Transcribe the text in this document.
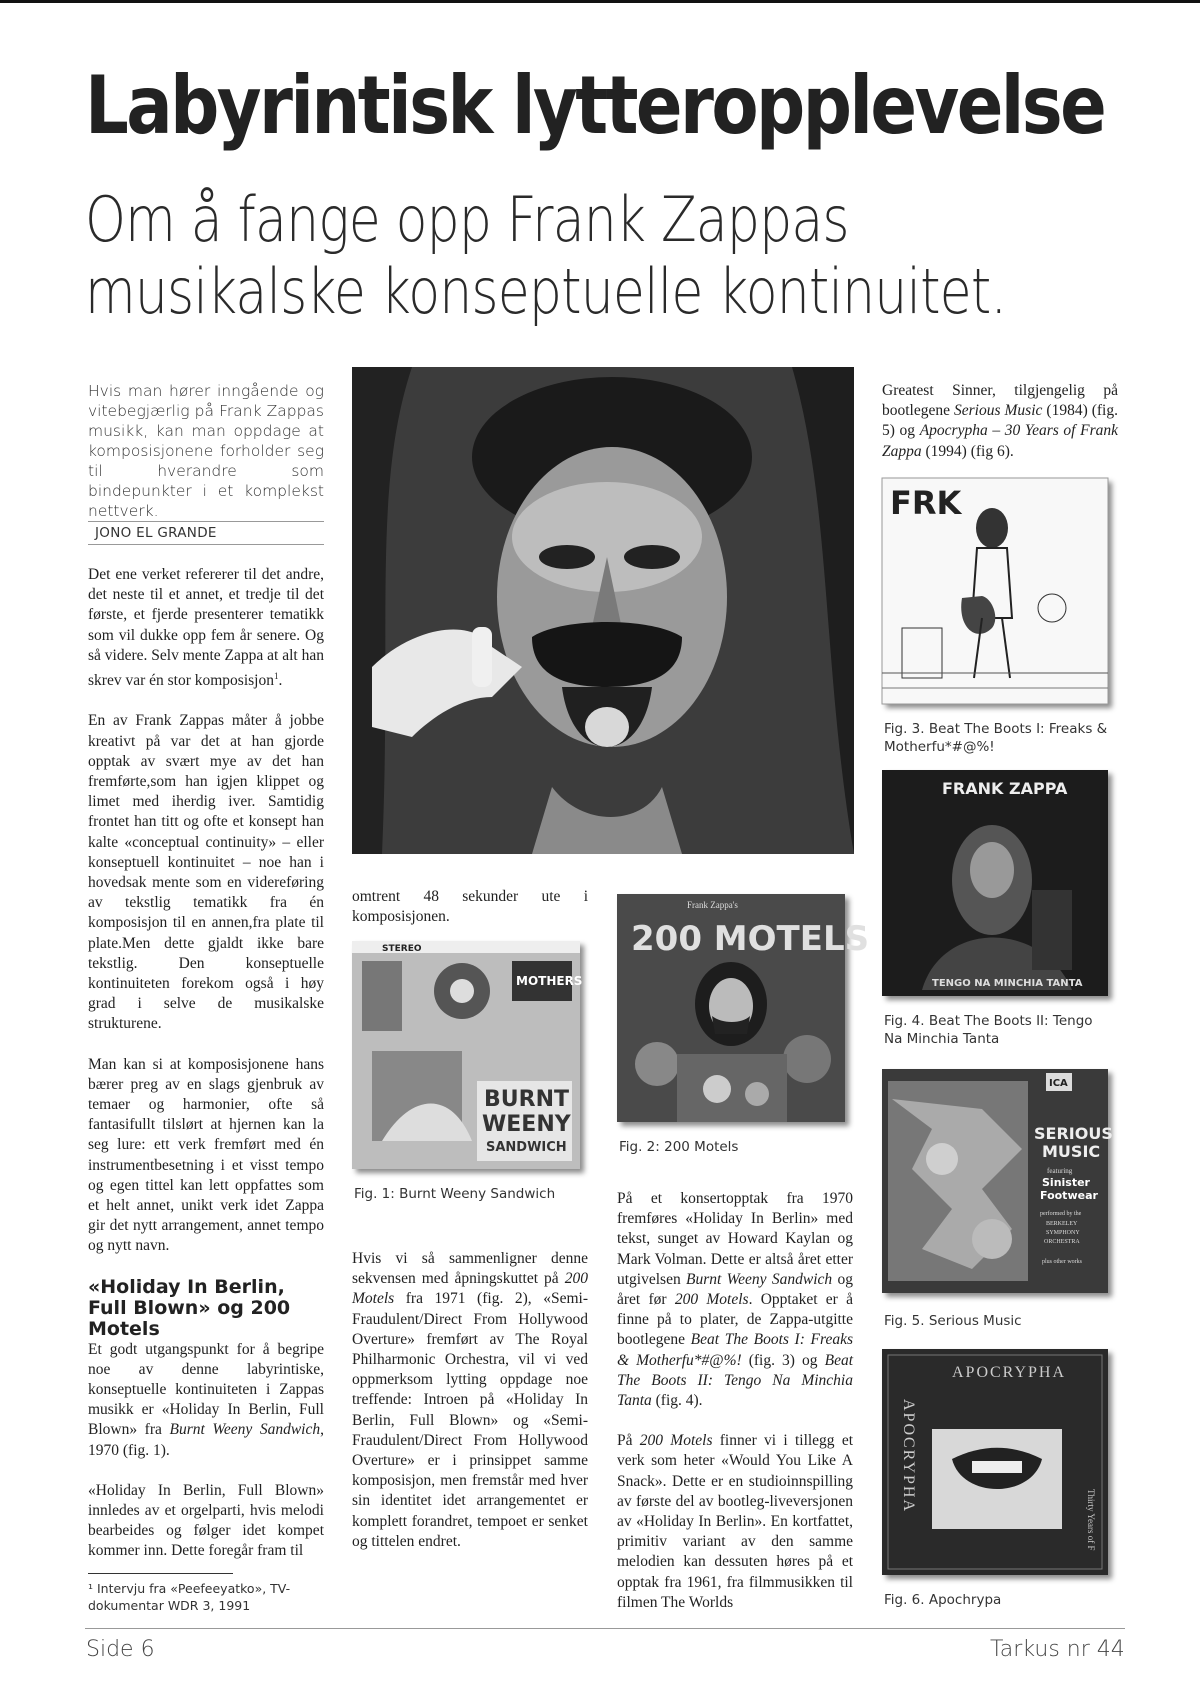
Labyrintisk lytteropplevelse
Om å fange opp Frank Zappas
musikalske konseptuelle kontinuitet.
Hvis man hører inngående og vitebegjærlig på Frank Zappas musikk, kan man oppdage at komposisjonene forholder seg til hverandre som bindepunkter i et komplekst nettverk.
JONO EL GRANDE

Det ene verket refererer til det andre, det neste til et annet, et tredje til det første, et fjerde presenterer tematikk som vil dukke opp fem år senere. Og så videre. Selv mente Zappa at alt han skrev var én stor komposisjon$^1$.

En av Frank Zappas måter å jobbe kreativt på var det at han gjorde opptak av svært mye av det han fremførte,som han igjen klippet og limet med iherdig iver. Samtidig frontet han titt og ofte et konsept han kalte «conceptual continuity» – eller konseptuell kontinuitet – noe han i hovedsak mente som en videreføring av tekstlig tematikk fra én komposisjon til en annen,fra plate til plate.Men dette gjaldt ikke bare tekstlig. Den konseptuelle kontinuiteten forekom også i høy grad i selve de musikalske strukturene.

Man kan si at komposisjonene hans bærer preg av en slags gjenbruk av temaer og harmonier, ofte så fantasifullt tilslørt at hjernen kan la seg lure: ett verk fremført med én instrumentbesetning i et visst tempo og egen tittel kan lett oppfattes som et helt annet, unikt verk idet Zappa gir det nytt arrangement, annet tempo og nytt navn.

«Holiday In Berlin, Full Blown» og 200 Motels

Et godt utgangspunkt for å begripe noe av denne labyrintiske, konseptuelle kontinuiteten i Zappas musikk er «Holiday In Berlin, Full Blown» fra Burnt Weeny Sandwich, 1970 (fig. 1).

«Holiday In Berlin, Full Blown» innledes av et orgelparti, hvis melodi bearbeides og følger idet kompet kommer inn. Dette foregår fram til

¹ Intervju fra «Peefeeyatko», TV-dokumentar WDR 3, 1991

omtrent 48 sekunder ute i komposisjonen.

STEREO
MOTHERS
BURNT
WEENY
SANDWICH
Fig. 1: Burnt Weeny Sandwich

Hvis vi så sammenligner denne sekvensen med åpningskuttet på 200 Motels fra 1971 (fig. 2), «Semi-Fraudulent/Direct From Hollywood Overture» fremført av The Royal Philharmonic Orchestra, vil vi ved oppmerksom lytting oppdage noe treffende: Introen på «Holiday In Berlin, Full Blown» og «Semi-Fraudulent/Direct From Hollywood Overture» er i prinsippet samme komposisjon, men fremstår med hver sin identitet idet arrangementet er komplett forandret, tempoet er senket og tittelen endret.

Frank Zappa's
200 MOTELS
Fig. 2: 200 Motels

På et konsertopptak fra 1970 fremføres «Holiday In Berlin» med tekst, sunget av Howard Kaylan og Mark Volman. Dette er altså året etter utgivelsen Burnt Weeny Sandwich og året før 200 Motels. Opptaket er å finne på to plater, de Zappa-utgitte bootlegene Beat The Boots I: Freaks & Motherfu*#@%! (fig. 3) og Beat The Boots II: Tengo Na Minchia Tanta (fig. 4).

På 200 Motels finner vi i tillegg et verk som heter «Would You Like A Snack». Dette er en studioinnspilling av første del av bootleg-liveversjonen av «Holiday In Berlin». En kortfattet, primitiv variant av den samme melodien kan dessuten høres på et opptak fra 1961, fra filmmusikken til filmen The Worlds

Greatest Sinner, tilgjengelig på bootlegene Serious Music (1984) (fig. 5) og Apocrypha – 30 Years of Frank Zappa (1994) (fig 6).

FRK
Fig. 3. Beat The Boots I: Freaks & Motherfu*#@%!
FRANK ZAPPA
TENGO NA MINCHIA TANTA
Fig. 4. Beat The Boots II: Tengo Na Minchia Tanta
ICA
SERIOUS
MUSIC
featuring
Sinister
Footwear
performed by the
BERKELEY
SYMPHONY
ORCHESTRA
plus other works
Fig. 5. Serious Music
APOCRYPHA
APOCRYPHA
Thirty Years of F
Fig. 6. Apochrypa
Side 6	Tarkus nr 44
